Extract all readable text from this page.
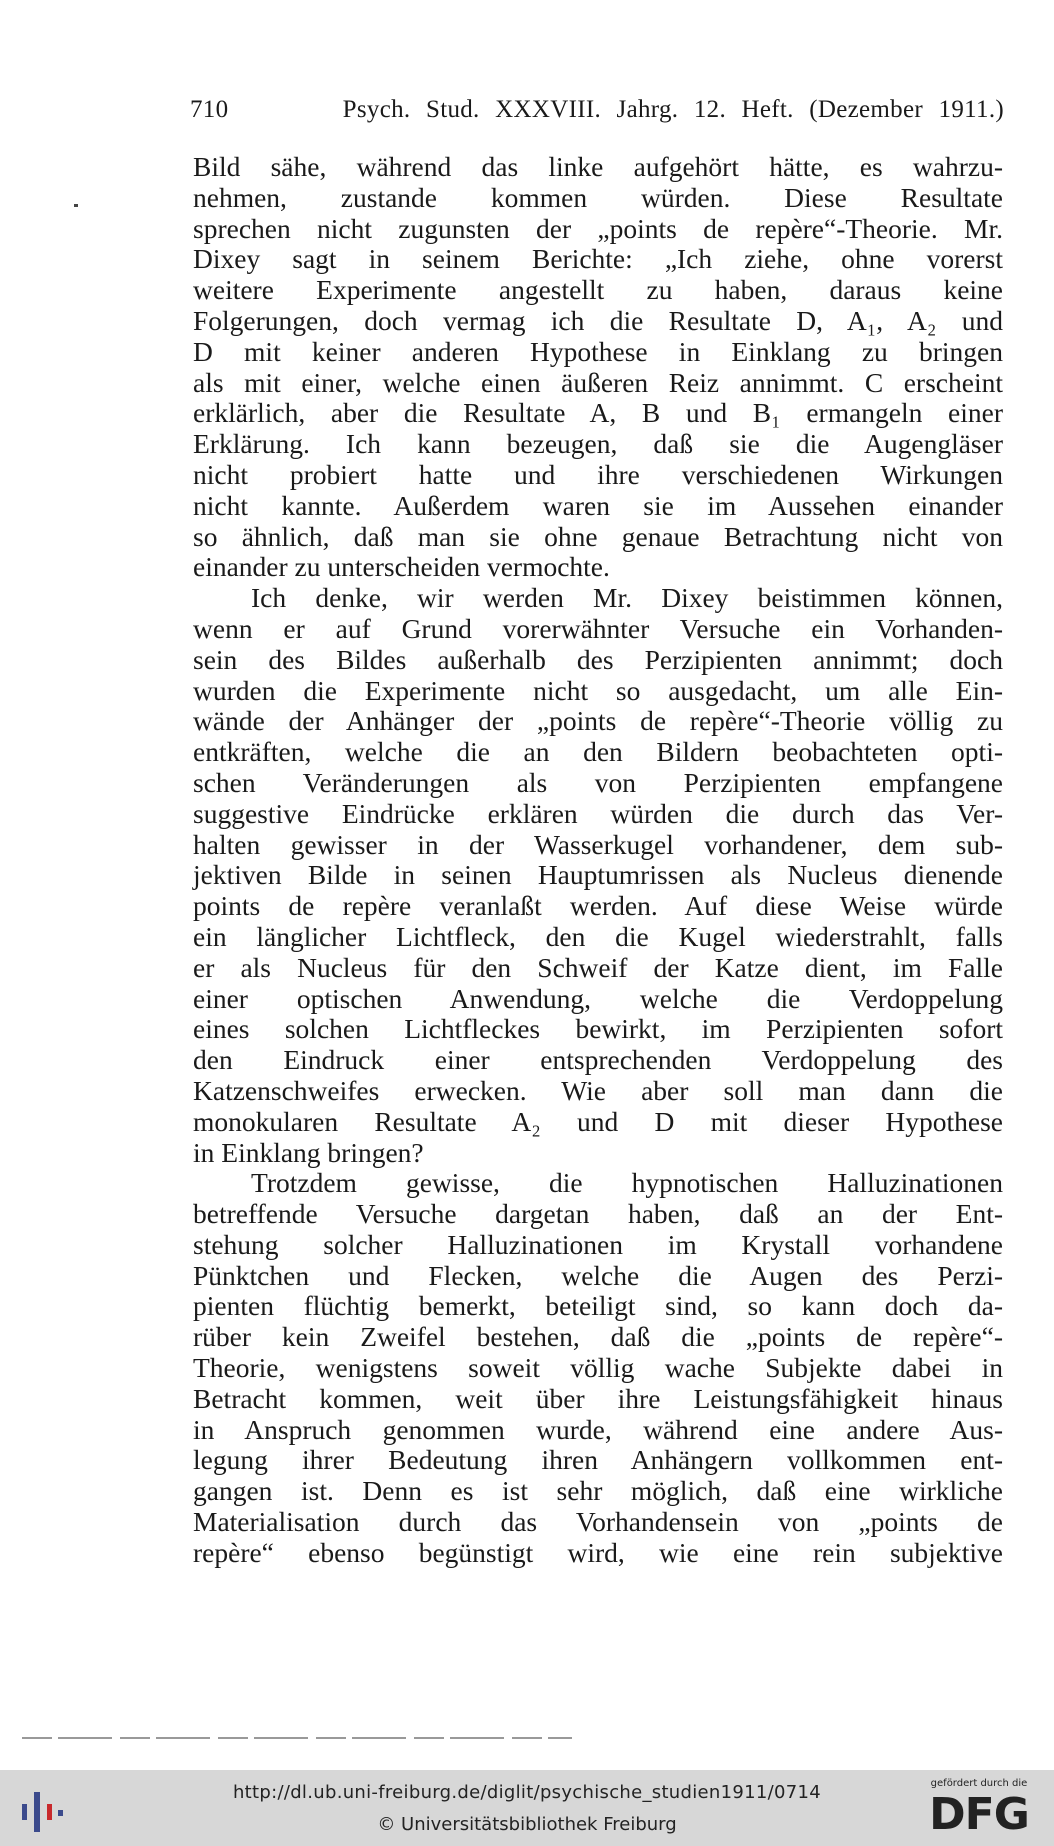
710	Psych. Stud. XXXVIII. Jahrg. 12. Heft. (Dezember 1911.)
Bild sähe, während das linke aufgehört hätte, es wahrzu-
nehmen, zustande kommen würden. Diese Resultate
sprechen nicht zugunsten der „points de repère“-Theorie. Mr.
Dixey sagt in seinem Berichte: „Ich ziehe, ohne vorerst
weitere Experimente angestellt zu haben, daraus keine
Folgerungen, doch vermag ich die Resultate D, A₁, A₂ und
D mit keiner anderen Hypothese in Einklang zu bringen
als mit einer, welche einen äußeren Reiz annimmt. C erscheint
erklärlich, aber die Resultate A, B und B₁ ermangeln einer
Erklärung. Ich kann bezeugen, daß sie die Augengläser
nicht probiert hatte und ihre verschiedenen Wirkungen
nicht kannte. Außerdem waren sie im Aussehen einander
so ähnlich, daß man sie ohne genaue Betrachtung nicht von
einander zu unterscheiden vermochte.
Ich denke, wir werden Mr. Dixey beistimmen können,
wenn er auf Grund vorerwähnter Versuche ein Vorhanden-
sein des Bildes außerhalb des Perzipienten annimmt; doch
wurden die Experimente nicht so ausgedacht, um alle Ein-
wände der Anhänger der „points de repère“-Theorie völlig zu
entkräften, welche die an den Bildern beobachteten opti-
schen Veränderungen als von Perzipienten empfangene
suggestive Eindrücke erklären würden die durch das Ver-
halten gewisser in der Wasserkugel vorhandener, dem sub-
jektiven Bilde in seinen Hauptumrissen als Nucleus dienende
points de repère veranlaßt werden. Auf diese Weise würde
ein länglicher Lichtfleck, den die Kugel wiederstrahlt, falls
er als Nucleus für den Schweif der Katze dient, im Falle
einer optischen Anwendung, welche die Verdoppelung
eines solchen Lichtfleckes bewirkt, im Perzipienten sofort
den Eindruck einer entsprechenden Verdoppelung des
Katzenschweifes erwecken. Wie aber soll man dann die
monokularen Resultate A₂ und D mit dieser Hypothese
in Einklang bringen?
Trotzdem gewisse, die hypnotischen Halluzinationen
betreffende Versuche dargetan haben, daß an der Ent-
stehung solcher Halluzinationen im Krystall vorhandene
Pünktchen und Flecken, welche die Augen des Perzi-
pienten flüchtig bemerkt, beteiligt sind, so kann doch da-
rüber kein Zweifel bestehen, daß die „points de repère“-
Theorie, wenigstens soweit völlig wache Subjekte dabei in
Betracht kommen, weit über ihre Leistungsfähigkeit hinaus
in Anspruch genommen wurde, während eine andere Aus-
legung ihrer Bedeutung ihren Anhängern vollkommen ent-
gangen ist. Denn es ist sehr möglich, daß eine wirkliche
Materialisation durch das Vorhandensein von „points de
repère“ ebenso begünstigt wird, wie eine rein subjektive
http://dl.ub.uni-freiburg.de/diglit/psychische_studien1911/0714
© Universitätsbibliothek Freiburg
gefördert durch die
DFG
